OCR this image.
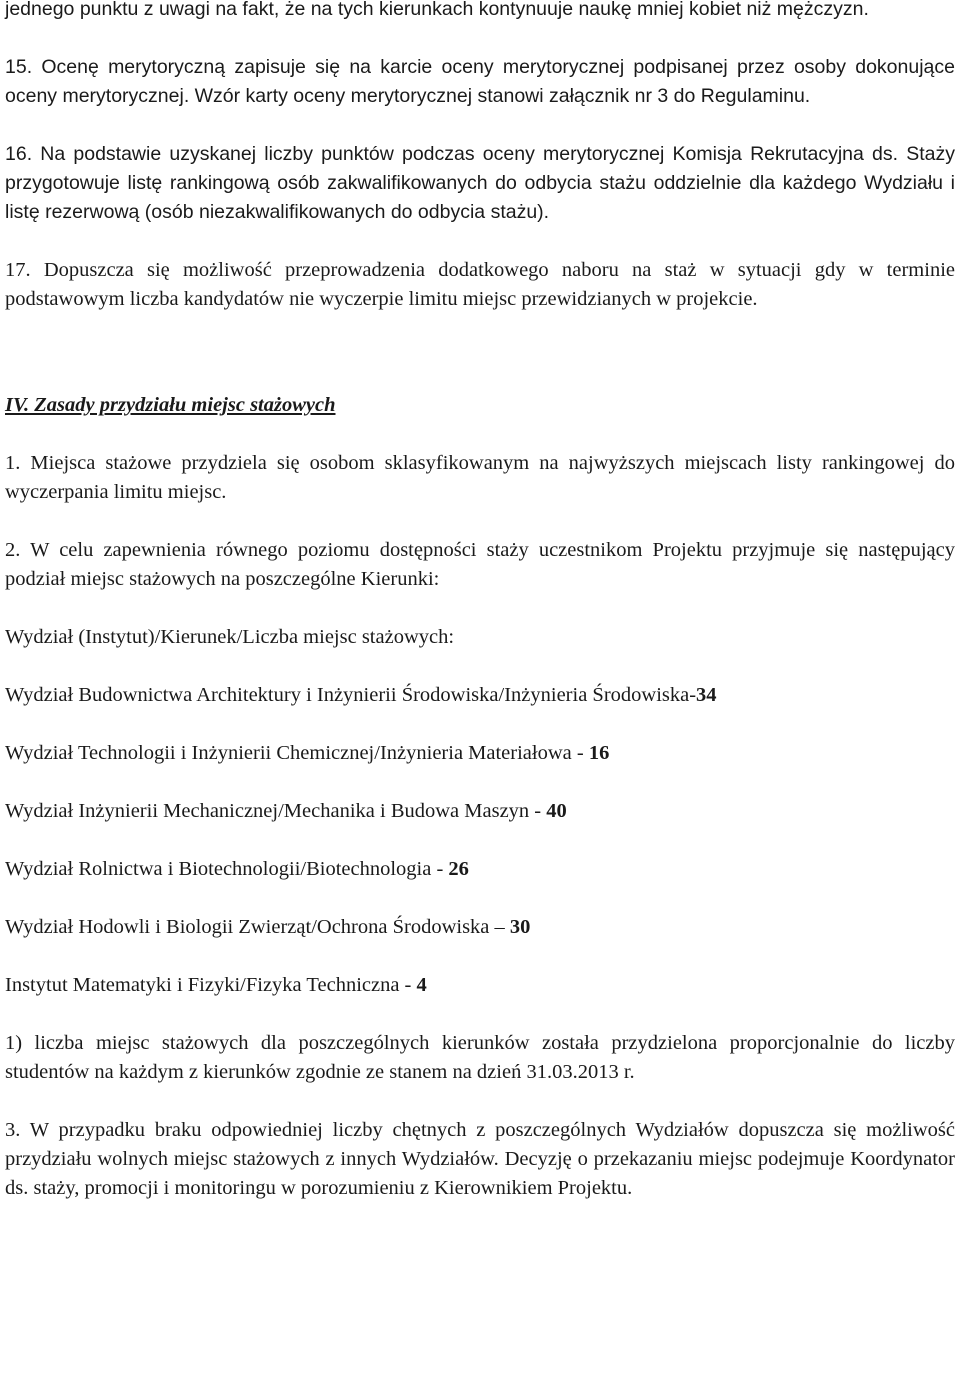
jednego punktu z uwagi na fakt, że na tych kierunkach kontynuuje naukę mniej kobiet niż mężczyzn.

15. Ocenę merytoryczną zapisuje się na karcie oceny merytorycznej podpisanej przez osoby dokonujące oceny merytorycznej. Wzór karty oceny merytorycznej stanowi załącznik nr 3 do Regulaminu.

16. Na podstawie uzyskanej liczby punktów podczas oceny merytorycznej Komisja Rekrutacyjna ds. Staży przygotowuje listę rankingową osób zakwalifikowanych do odbycia stażu oddzielnie dla każdego Wydziału i listę rezerwową (osób niezakwalifikowanych do odbycia stażu).

17. Dopuszcza się możliwość przeprowadzenia dodatkowego naboru na staż w sytuacji gdy w terminie podstawowym liczba kandydatów nie wyczerpie limitu miejsc przewidzianych w projekcie.

IV. Zasady przydziału miejsc stażowych

1. Miejsca stażowe przydziela się osobom sklasyfikowanym na najwyższych miejscach listy rankingowej do wyczerpania limitu miejsc.

2. W celu zapewnienia równego poziomu dostępności staży uczestnikom Projektu przyjmuje się następujący podział miejsc stażowych na poszczególne Kierunki:

Wydział (Instytut)/Kierunek/Liczba miejsc stażowych:

Wydział Budownictwa Architektury i Inżynierii Środowiska/Inżynieria Środowiska-34

Wydział Technologii i Inżynierii Chemicznej/Inżynieria Materiałowa - 16

Wydział Inżynierii Mechanicznej/Mechanika i Budowa Maszyn - 40

Wydział Rolnictwa i Biotechnologii/Biotechnologia - 26

Wydział Hodowli i Biologii Zwierząt/Ochrona Środowiska – 30

Instytut Matematyki i Fizyki/Fizyka Techniczna - 4

1) liczba miejsc stażowych dla poszczególnych kierunków została przydzielona proporcjonalnie do liczby studentów na każdym z kierunków zgodnie ze stanem na dzień 31.03.2013 r.

3. W przypadku braku odpowiedniej liczby chętnych z poszczególnych Wydziałów dopuszcza się możliwość przydziału wolnych miejsc stażowych z innych Wydziałów. Decyzję o przekazaniu miejsc podejmuje Koordynator ds. staży, promocji i monitoringu w porozumieniu z Kierownikiem Projektu.
